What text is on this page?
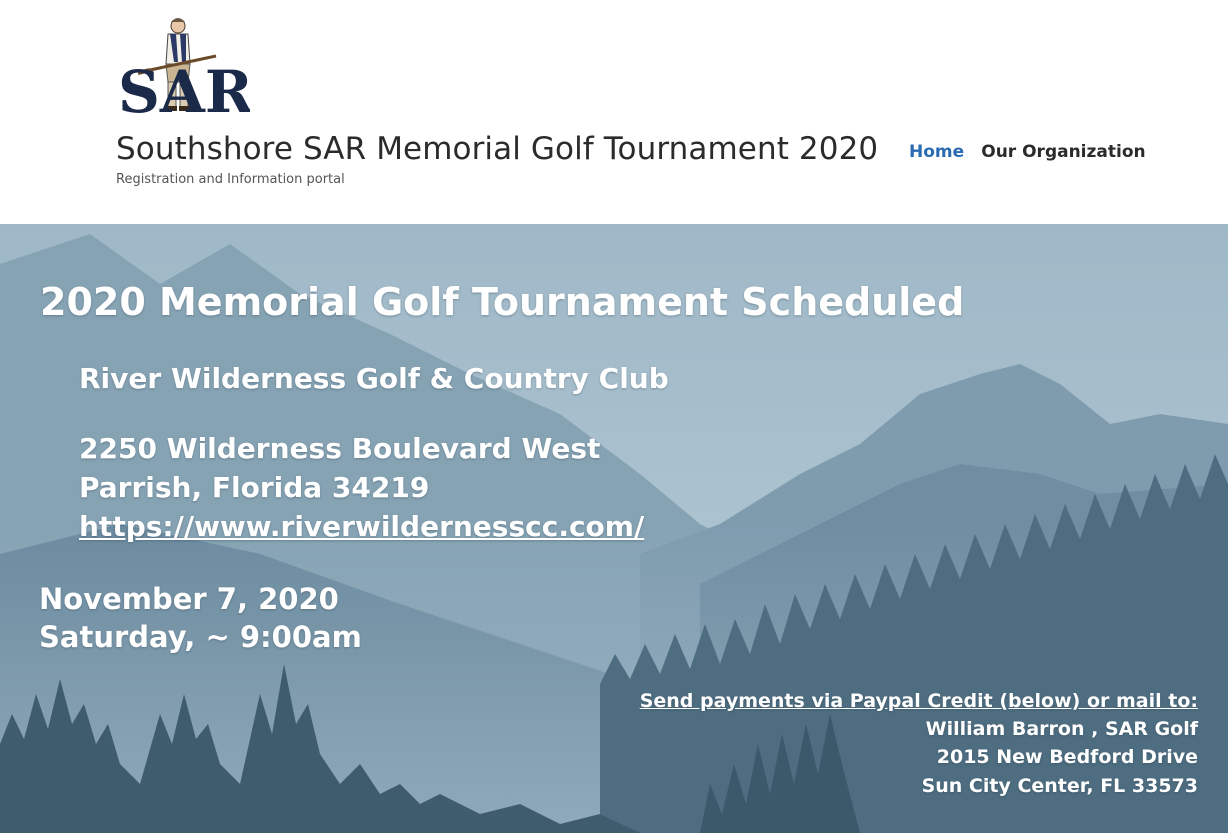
SAR
Southshore SAR Memorial Golf Tournament 2020
Registration and Information portal
Home Our Organization
2020 Memorial Golf Tournament Scheduled
River Wilderness Golf & Country Club
2250 Wilderness Boulevard West
Parrish, Florida 34219
https://www.riverwildernesscc.com/
November 7, 2020
Saturday, ~ 9:00am
Send payments via Paypal Credit (below) or mail to:
William Barron , SAR Golf
2015 New Bedford Drive
Sun City Center, FL 33573
